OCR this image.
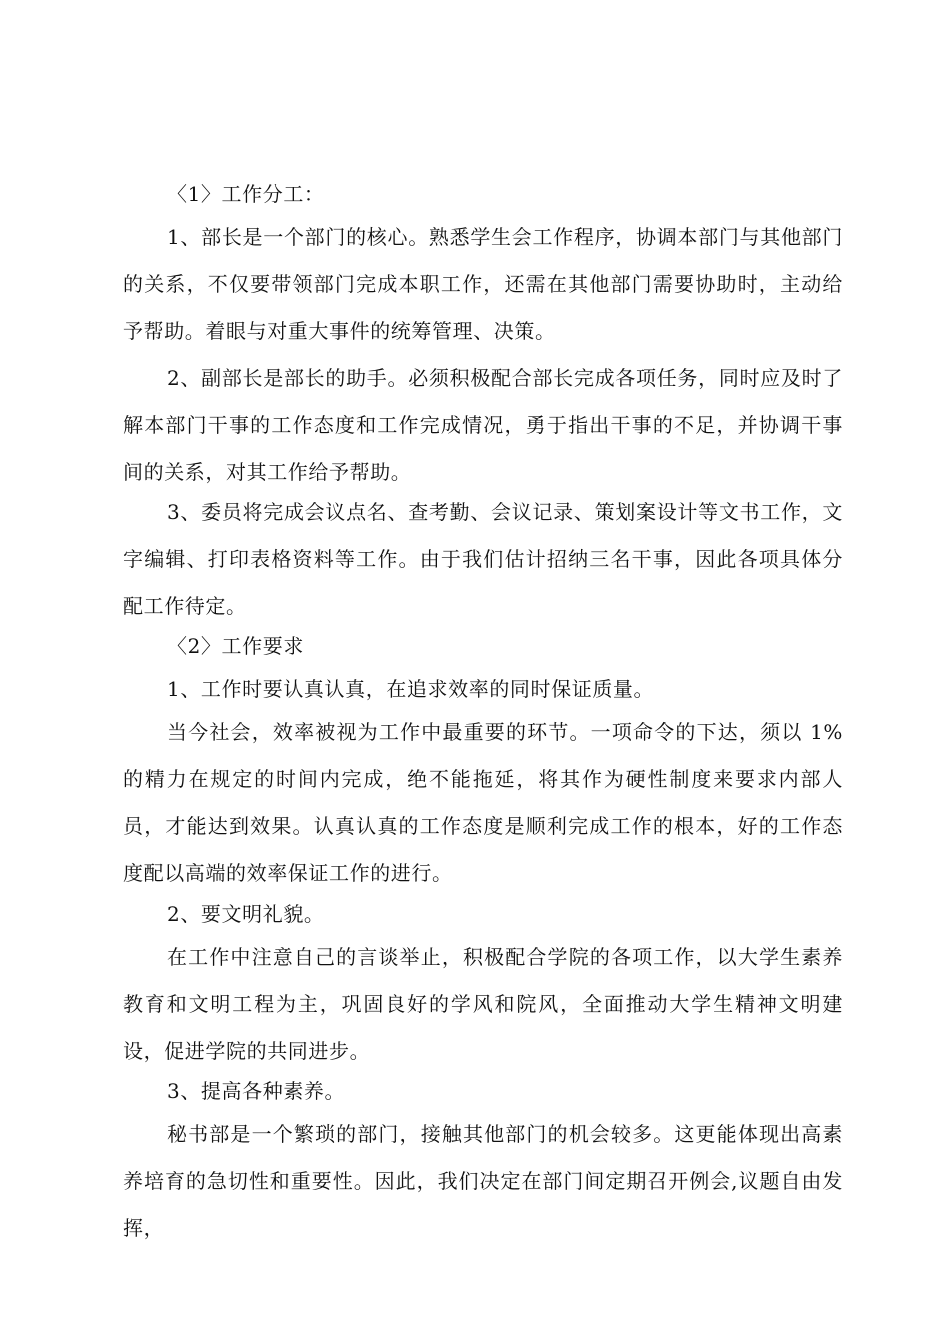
〈1〉工作分工：

1、部长是一个部门的核心。熟悉学生会工作程序，协调本部门与其他部门的关系，不仅要带领部门完成本职工作，还需在其他部门需要协助时，主动给予帮助。着眼与对重大事件的统筹管理、决策。

2、副部长是部长的助手。必须积极配合部长完成各项任务，同时应及时了解本部门干事的工作态度和工作完成情况，勇于指出干事的不足，并协调干事间的关系，对其工作给予帮助。

3、委员将完成会议点名、查考勤、会议记录、策划案设计等文书工作，文字编辑、打印表格资料等工作。由于我们估计招纳三名干事，因此各项具体分配工作待定。

〈2〉工作要求

1、工作时要认真认真，在追求效率的同时保证质量。

当今社会，效率被视为工作中最重要的环节。一项命令的下达，须以 1%的精力在规定的时间内完成，绝不能拖延，将其作为硬性制度来要求内部人员，才能达到效果。认真认真的工作态度是顺利完成工作的根本，好的工作态度配以高端的效率保证工作的进行。

2、要文明礼貌。

在工作中注意自己的言谈举止，积极配合学院的各项工作，以大学生素养教育和文明工程为主，巩固良好的学风和院风，全面推动大学生精神文明建设，促进学院的共同进步。

3、提高各种素养。

秘书部是一个繁琐的部门，接触其他部门的机会较多。这更能体现出高素养培育的急切性和重要性。因此，我们决定在部门间定期召开例会,议题自由发挥，
